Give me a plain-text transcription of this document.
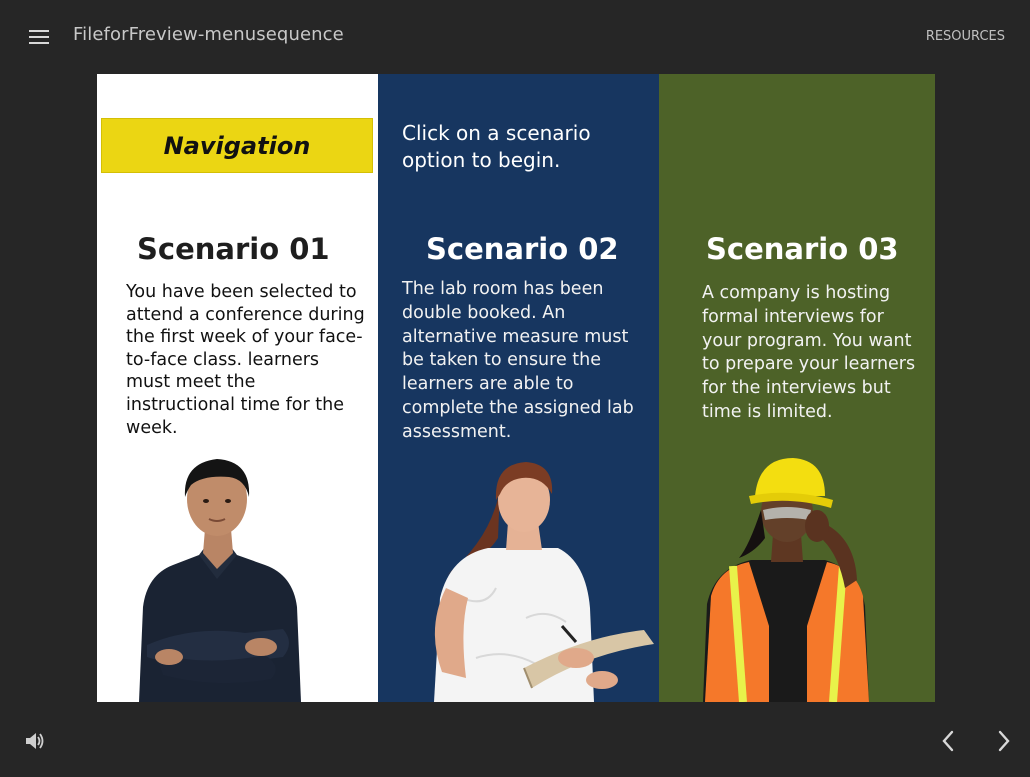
FileforFreview-menusequence	RESOURCES
Navigation
Scenario 01
You have been selected to attend a conference during the first week of your face-to-face class. learners must meet the instructional time for the week.
Click on a scenario option to begin.
Scenario 02
The lab room has been double booked. An alternative measure must be taken to ensure the learners are able to complete the assigned lab assessment.
Scenario 03
A company is hosting formal interviews for your program. You want to prepare your learners for the interviews but time is limited.
